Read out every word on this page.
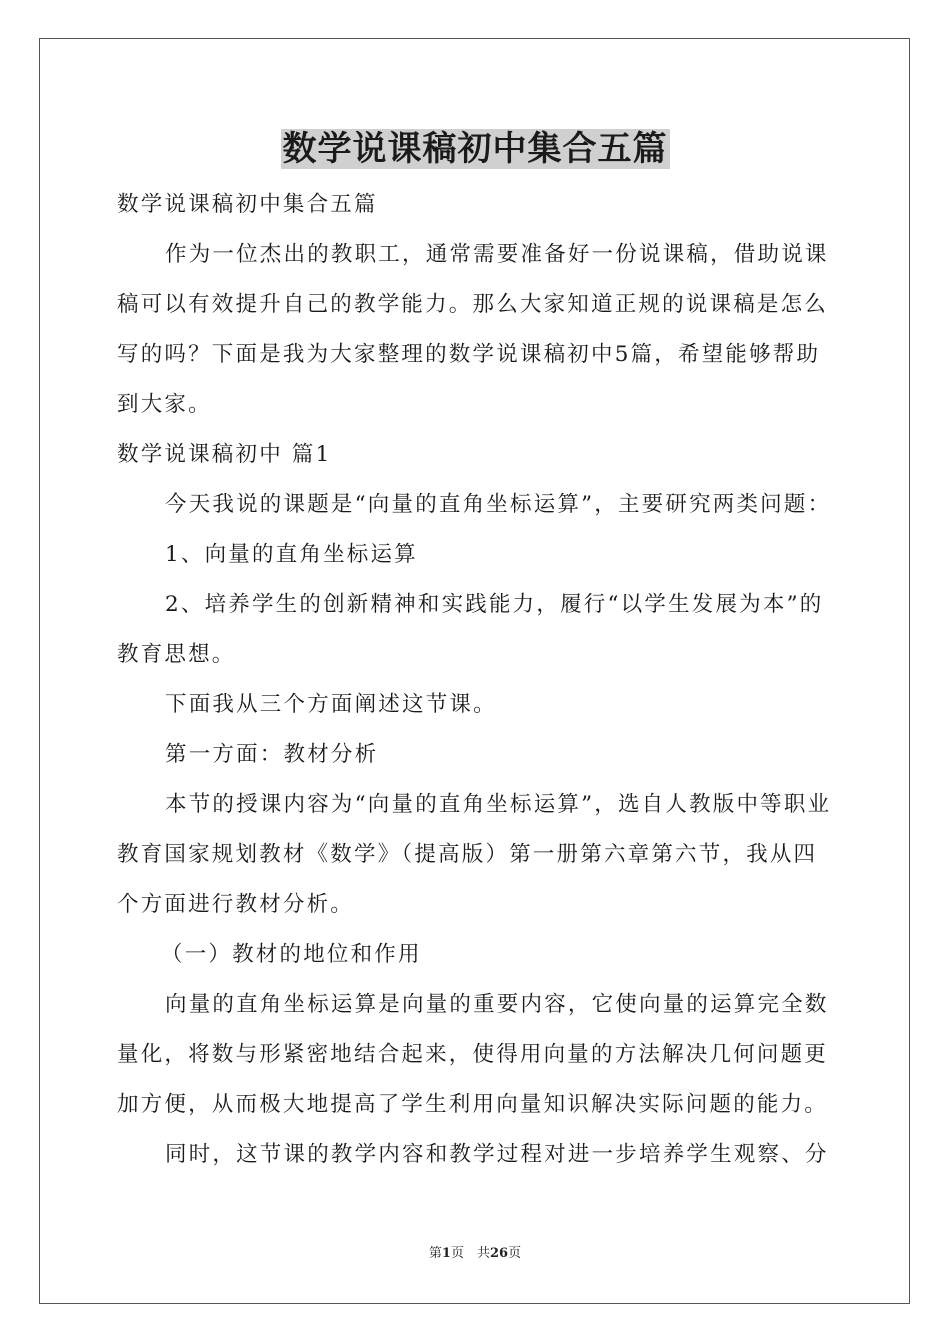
数学说课稿初中集合五篇

数学说课稿初中集合五篇

作为一位杰出的教职工，通常需要准备好一份说课稿，借助说课稿可以有效提升自己的教学能力。那么大家知道正规的说课稿是怎么写的吗？下面是我为大家整理的数学说课稿初中5篇，希望能够帮助到大家。

数学说课稿初中 篇1

今天我说的课题是“向量的直角坐标运算”，主要研究两类问题：

1、向量的直角坐标运算

2、培养学生的创新精神和实践能力，履行“以学生发展为本”的教育思想。

下面我从三个方面阐述这节课。

第一方面：教材分析

本节的授课内容为“向量的直角坐标运算”，选自人教版中等职业教育国家规划教材《数学》（提高版）第一册第六章第六节，我从四个方面进行教材分析。

（一）教材的地位和作用

向量的直角坐标运算是向量的重要内容，它使向量的运算完全数量化，将数与形紧密地结合起来，使得用向量的方法解决几何问题更加方便，从而极大地提高了学生利用向量知识解决实际问题的能力。

同时，这节课的教学内容和教学过程对进一步培养学生观察、分

第1页　共26页
